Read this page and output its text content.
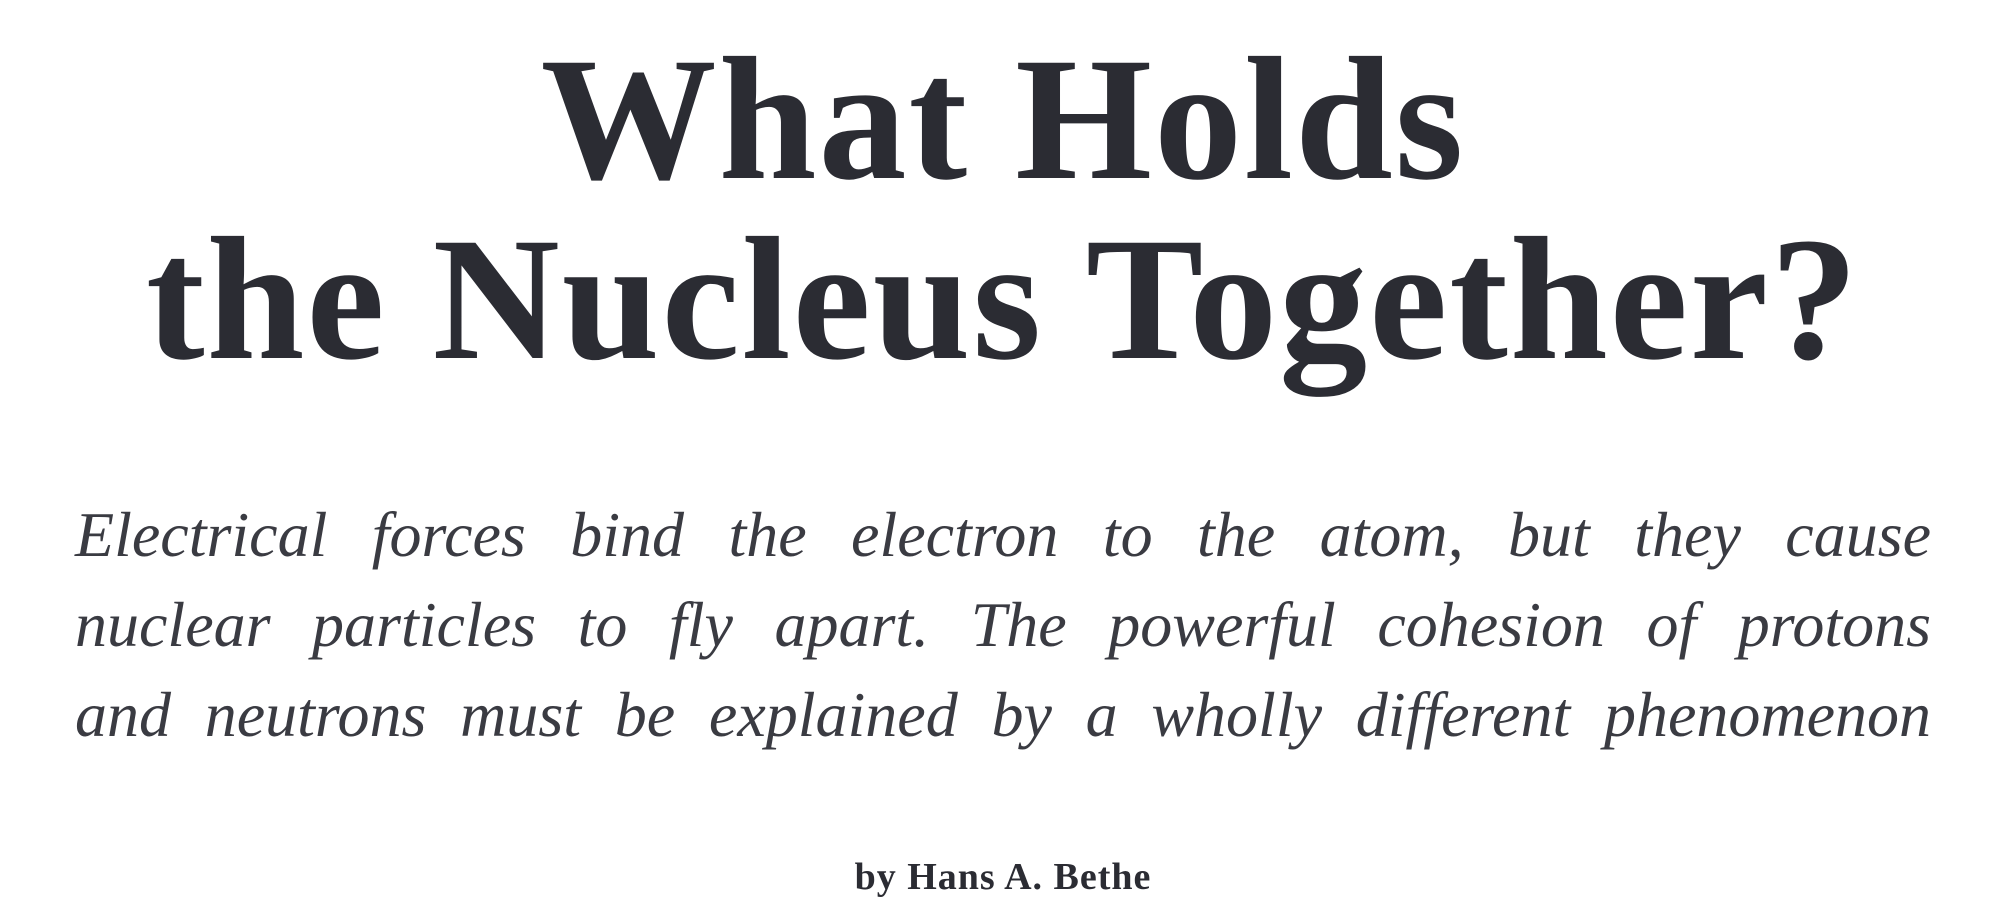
What Holds
the Nucleus Together?
Electrical forces bind the electron to the atom, but they cause
nuclear particles to fly apart. The powerful cohesion of protons
and neutrons must be explained by a wholly different phenomenon
by Hans A. Bethe
